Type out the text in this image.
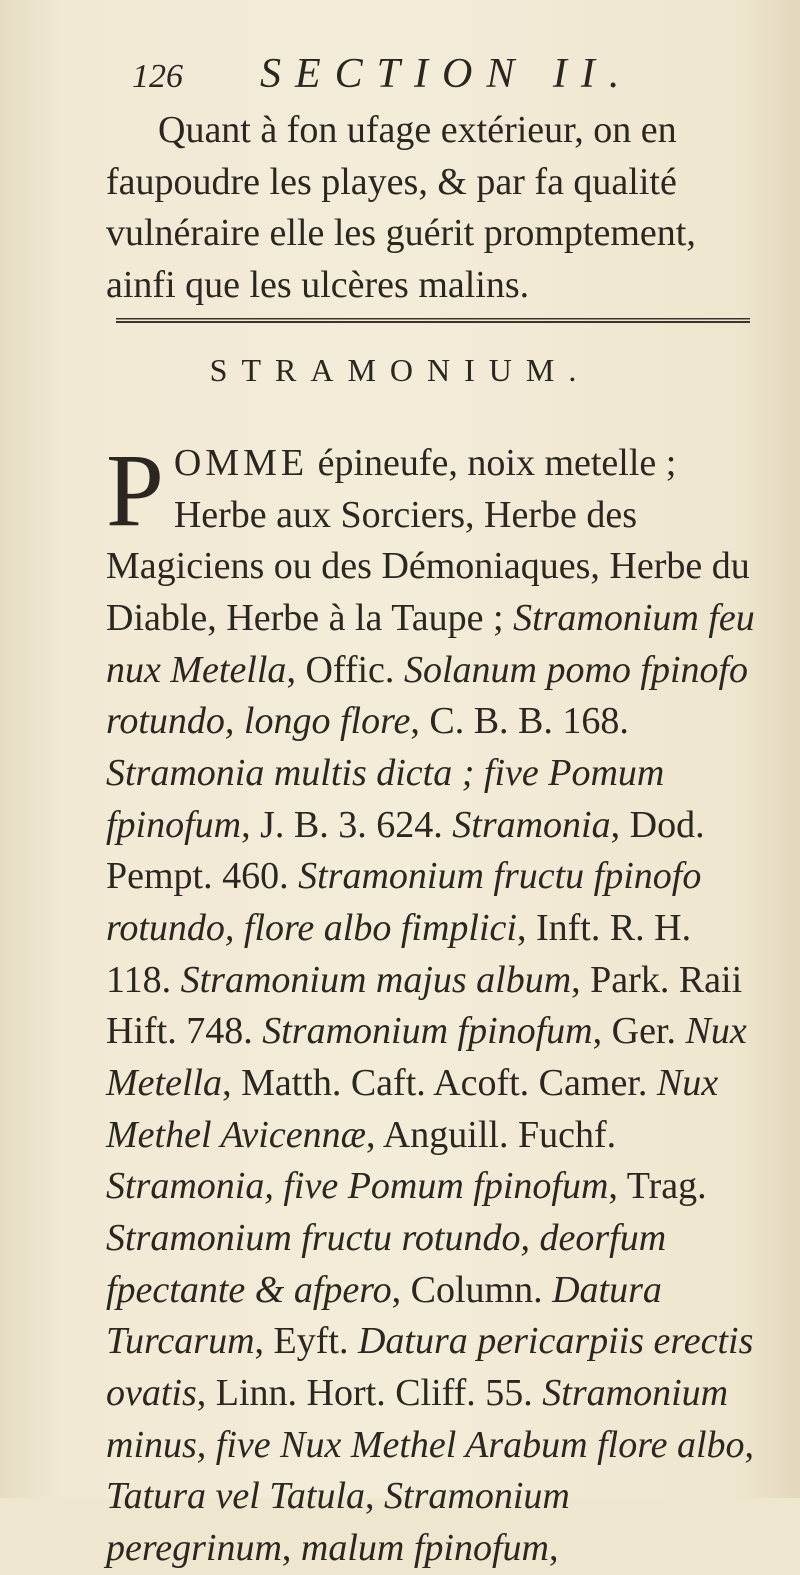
126 SECTION II.

Quant à fon ufage extérieur, on en faupoudre les playes, & par fa qualité vulnéraire elle les guérit promptement, ainfi que les ulcères malins.

STRAMONIUM.
P OMME épineufe, noix metelle ; Herbe aux Sorciers, Herbe des Magiciens ou des Démoniaques, Herbe du Diable, Herbe à la Taupe ; Stramonium feu nux Metella, Offic. Solanum pomo fpinofo rotundo, longo flore, C. B. B. 168. Stramonia multis dicta ; five Pomum fpinofum, J. B. 3. 624. Stramonia, Dod. Pempt. 460. Stramonium fructu fpinofo rotundo, flore albo fimplici, Inft. R. H. 118. Stramonium majus album, Park. Raii Hift. 748. Stramonium fpinofum, Ger. Nux Metella, Matth. Caft. Acoft. Camer. Nux Methel Avicennæ, Anguill. Fuchf. Stramonia, five Pomum fpinofum, Trag. Stramonium fructu rotundo, deorfum fpectante & afpero, Column. Datura Turcarum, Eyft. Datura pericarpiis erectis ovatis, Linn. Hort. Cliff. 55. Stramonium minus, five Nux Methel Arabum flore albo, Tatura vel Tatula, Stramonium peregrinum, malum fpinofum,
